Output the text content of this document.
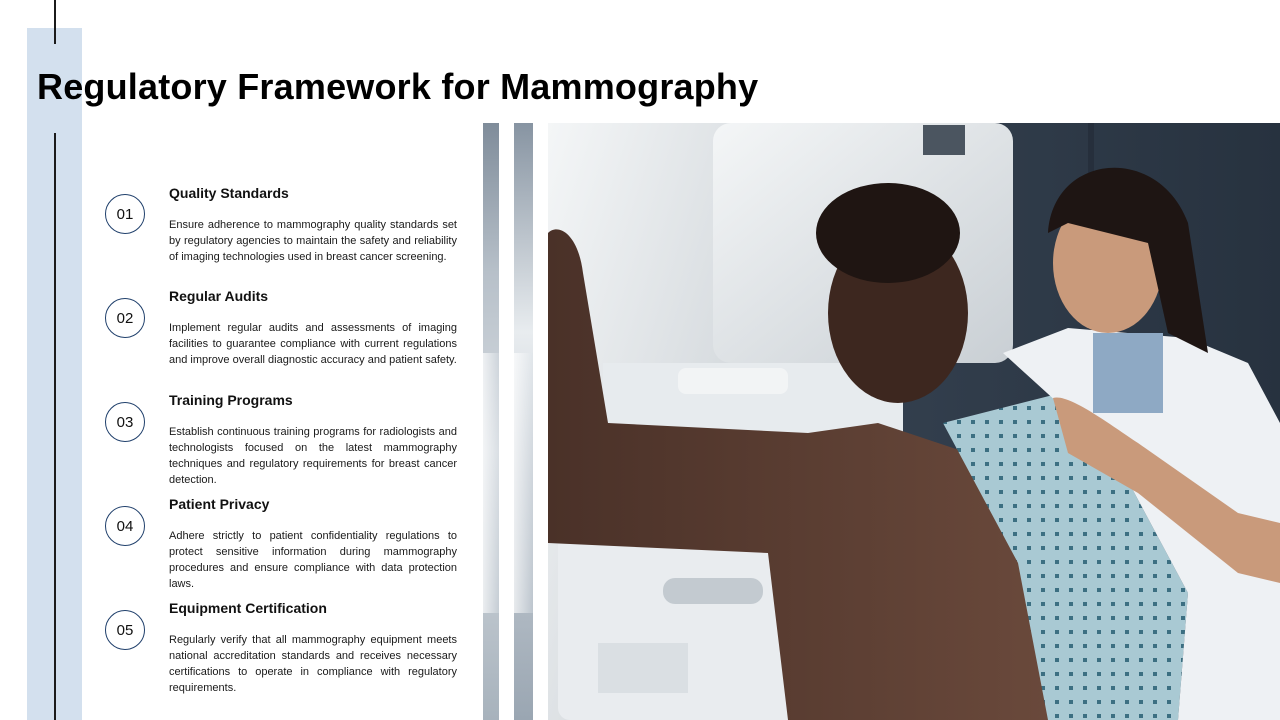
Regulatory Framework for Mammography
01
Quality Standards

Ensure adherence to mammography quality standards set by regulatory agencies to maintain the safety and reliability of imaging technologies used in breast cancer screening.

02
Regular Audits

Implement regular audits and assessments of imaging facilities to guarantee compliance with current regulations and improve overall diagnostic accuracy and patient safety.

03
Training Programs

Establish continuous training programs for radiologists and technologists focused on the latest mammography techniques and regulatory requirements for breast cancer detection.

04
Patient Privacy

Adhere strictly to patient confidentiality regulations to protect sensitive information during mammography procedures and ensure compliance with data protection laws.

05
Equipment Certification

Regularly verify that all mammography equipment meets national accreditation standards and receives necessary certifications to operate in compliance with regulatory requirements.
